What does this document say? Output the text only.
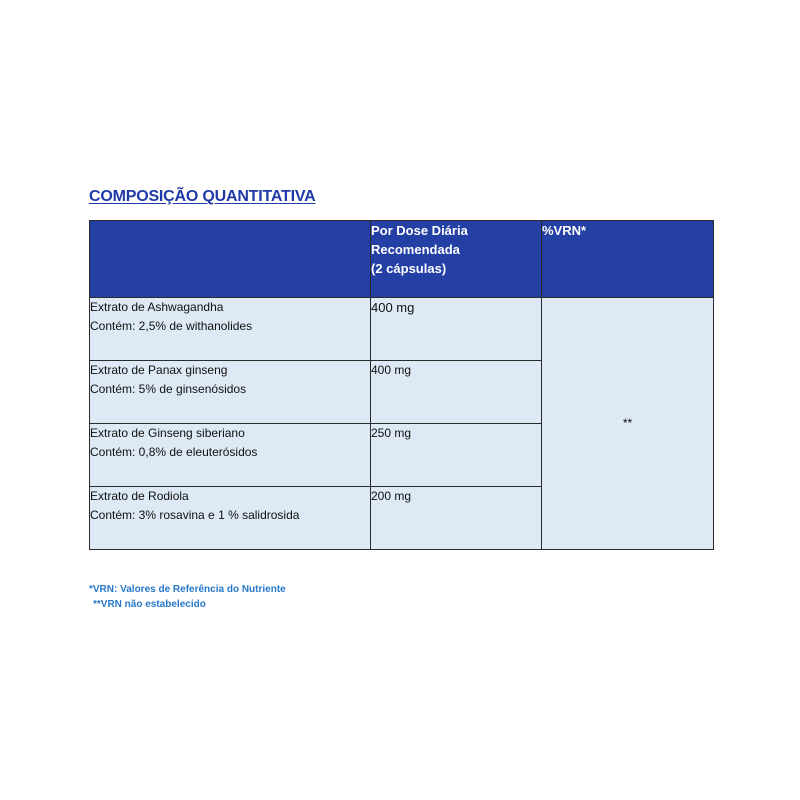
COMPOSIÇÃO QUANTITATIVA

	Por Dose Diária
Recomendada
(2 cápsulas)	%VRN*

Extrato de Ashwagandha
Contém: 2,5% de withanolides	400 mg	**

Extrato de Panax ginseng
Contém: 5% de ginsenósidos	400 mg	

Extrato de Ginseng siberiano
Contém: 0,8% de eleuterósidos	250 mg	

Extrato de Rodiola
Contém: 3% rosavina e 1 % salidrosida	200 mg	
*VRN: Valores de Referência do Nutriente
**VRN não estabelecido
